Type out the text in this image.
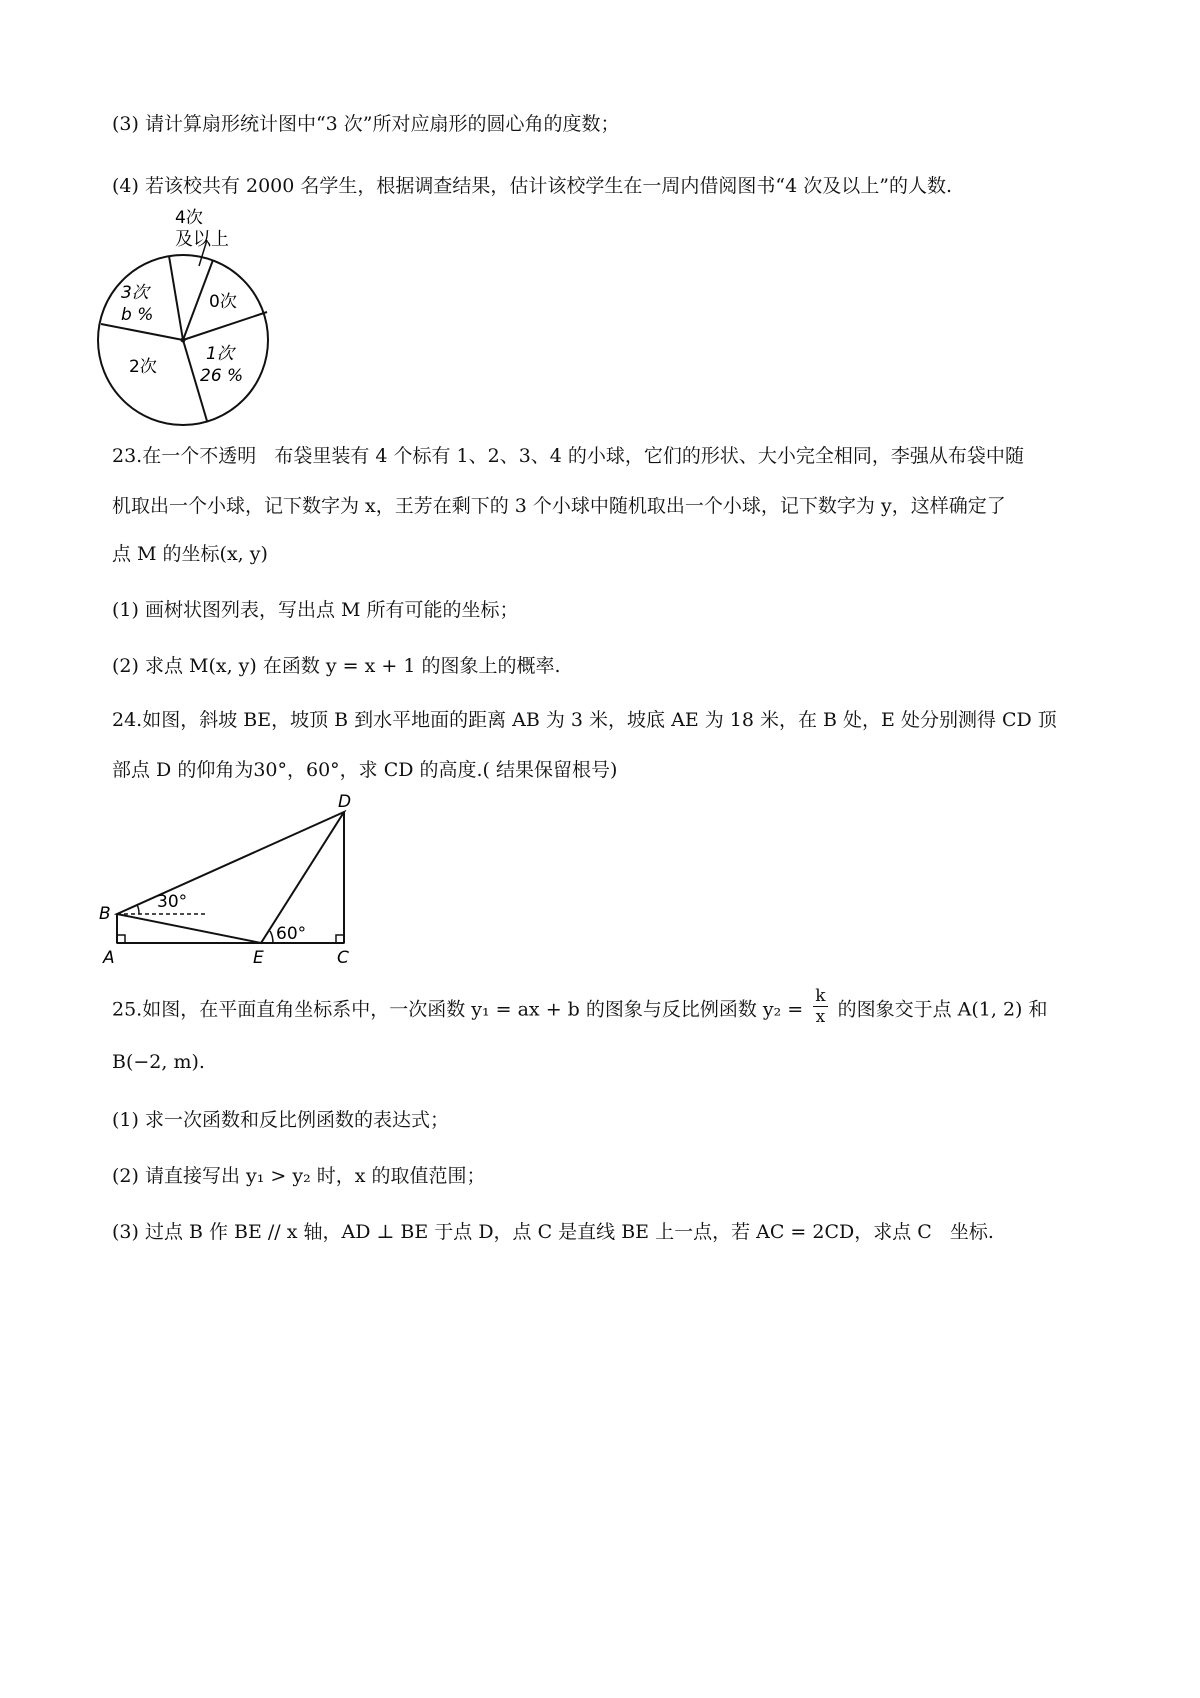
(3) 请计算扇形统计图中“3 次”所对应扇形的圆心角的度数；
(4) 若该校共有 2000 名学生，根据调查结果，估计该校学生在一周内借阅图书“4 次及以上”的人数.
4次
及以上
0次
3次
b %
2次
1次
26 %
23.在一个不透明   布袋里装有 4 个标有 1、2、3、4 的小球，它们的形状、大小完全相同，李强从布袋中随
机取出一个小球，记下数字为 x，王芳在剩下的 3 个小球中随机取出一个小球，记下数字为 y，这样确定了
点 M 的坐标(x, y)
(1) 画树状图列表，写出点 M 所有可能的坐标；
(2) 求点 M(x, y) 在函数 y = x + 1 的图象上的概率.
24.如图，斜坡 BE，坡顶 B 到水平地面的距离 AB 为 3 米，坡底 AE 为 18 米，在 B 处，E 处分别测得 CD 顶
部点 D 的仰角为30°，60°，求 CD 的高度.( 结果保留根号)
30°
60°
B
A	E	C
D
25.如图，在平面直角坐标系中，一次函数 y₁ = ax + b 的图象与反比例函数 $y_2 = \frac{k}{x}$ 的图象交于点 A(1, 2) 和
B(−2, m).
(1) 求一次函数和反比例函数的表达式；
(2) 请直接写出 y₁ > y₂ 时，x 的取值范围；
(3) 过点 B 作 BE // x 轴，AD ⊥ BE 于点 D，点 C 是直线 BE 上一点，若 AC = 2CD，求点 C   坐标.
